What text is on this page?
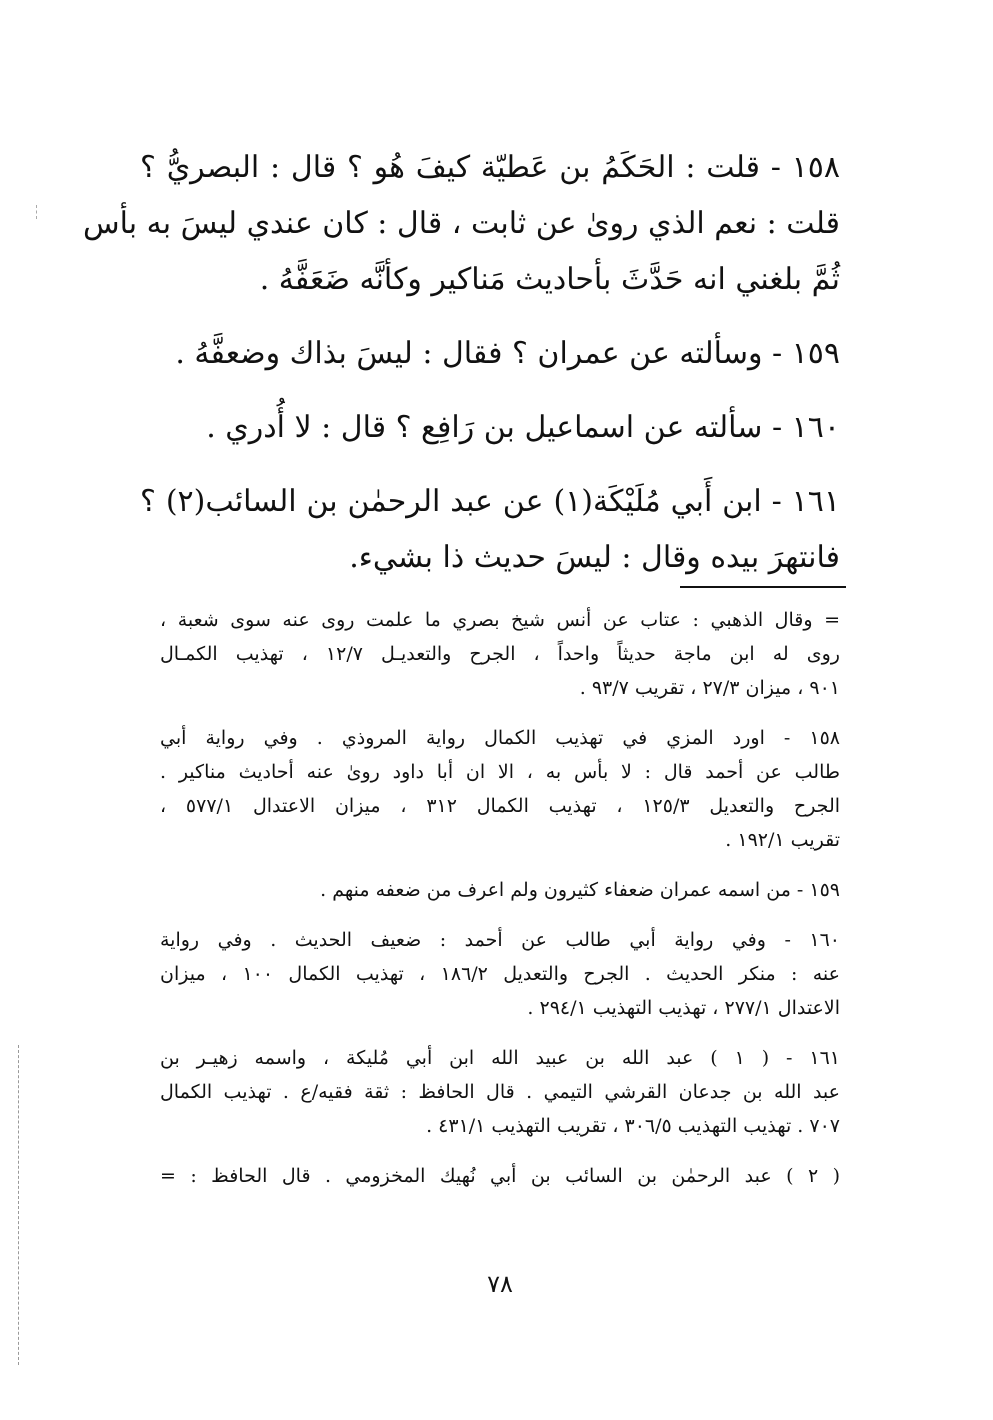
١٥٨ - قلت : الحَكَمُ بن عَطيّة كيفَ هُو ؟ قال : البصريُّ ؟
قلت : نعم الذي روىٰ عن ثابت ، قال : كان عندي ليسَ به بأس
ثُمَّ بلغني انه حَدَّثَ بأحاديث مَناكير وكأنَّه ضَعَفَّهُ .
١٥٩ - وسألته عن عمران ؟ فقال : ليسَ بذاك وضعفَّهُ .
١٦٠ - سألته عن اسماعيل بن رَافِع ؟ قال : لا أُدري .
١٦١ - ابن أَبي مُلَيْكَة(١) عن عبد الرحمٰن بن السائب(٢) ؟
فانتهرَ بيده وقال : ليسَ حديث ذا بشيء.
= وقال الذهبي : عتاب عن أنس شيخ بصري ما علمت روى عنه سوى شعبة ،
روى له ابن ماجة حديثاً واحداً ، الجرح والتعديـل ١٢/٧ ، تهذيب الكمـال
٩٠١ ، ميزان ٢٧/٣ ، تقريب ٩٣/٧ .
١٥٨ - اورد المزي في تهذيب الكمال رواية المروذي . وفي رواية أبي
طالب عن أحمد قال : لا بأس به ، الا ان أبا داود روىٰ عنه أحاديث مناكير .
الجرح والتعديل ١٢٥/٣ ، تهذيب الكمال ٣١٢ ، ميزان الاعتدال ٥٧٧/١ ،
تقريب ١٩٢/١ .
١٥٩ - من اسمه عمران ضعفاء كثيرون ولم اعرف من ضعفه منهم .
١٦٠ - وفي رواية أبي طالب عن أحمد : ضعيف الحديث . وفي رواية
عنه : منكر الحديث . الجرح والتعديل ١٨٦/٢ ، تهذيب الكمال ١٠٠ ، ميزان
الاعتدال ٢٧٧/١ ، تهذيب التهذيب ٢٩٤/١ .
١٦١ - ( ١ ) عبد الله بن عبيد الله ابن أبي مُليكة ، واسمه زهيـر بن
عبد الله بن جدعان القرشي التيمي . قال الحافظ : ثقة فقيه/ع . تهذيب الكمال
٧٠٧ . تهذيب التهذيب ٣٠٦/٥ ، تقريب التهذيب ٤٣١/١ .
( ٢ ) عبد الرحمٰن بن السائب بن أبي نُهيك المخزومي . قال الحافظ : =
٧٨
